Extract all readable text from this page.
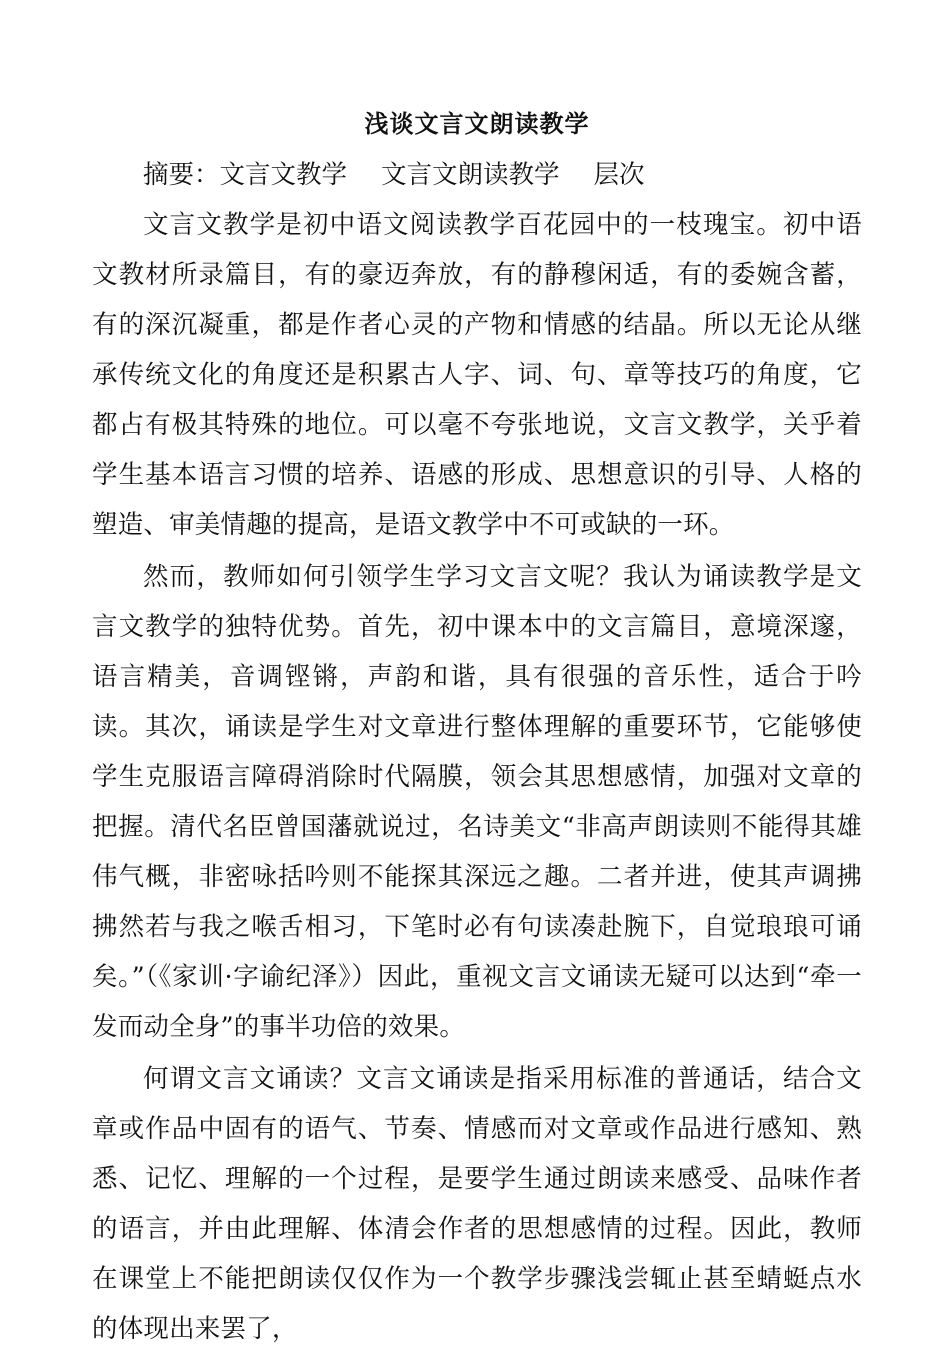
浅谈文言文朗读教学

摘要：文言文教学 文言文朗读教学 层次

文言文教学是初中语文阅读教学百花园中的一枝瑰宝。初中语文教材所录篇目，有的豪迈奔放，有的静穆闲适，有的委婉含蓄，有的深沉凝重，都是作者心灵的产物和情感的结晶。所以无论从继承传统文化的角度还是积累古人字、词、句、章等技巧的角度，它都占有极其特殊的地位。可以毫不夸张地说，文言文教学，关乎着学生基本语言习惯的培养、语感的形成、思想意识的引导、人格的塑造、审美情趣的提高，是语文教学中不可或缺的一环。

然而，教师如何引领学生学习文言文呢？我认为诵读教学是文言文教学的独特优势。首先，初中课本中的文言篇目，意境深邃，语言精美，音调铿锵，声韵和谐，具有很强的音乐性，适合于吟读。其次，诵读是学生对文章进行整体理解的重要环节，它能够使学生克服语言障碍消除时代隔膜，领会其思想感情，加强对文章的把握。清代名臣曾国藩就说过，名诗美文“非高声朗读则不能得其雄伟气概，非密咏括吟则不能探其深远之趣。二者并进，使其声调拂拂然若与我之喉舌相习，下笔时必有句读凑赴腕下，自觉琅琅可诵矣。”（《家训·字谕纪泽》）因此，重视文言文诵读无疑可以达到“牵一发而动全身”的事半功倍的效果。

何谓文言文诵读？文言文诵读是指采用标准的普通话，结合文章或作品中固有的语气、节奏、情感而对文章或作品进行感知、熟悉、记忆、理解的一个过程，是要学生通过朗读来感受、品味作者的语言，并由此理解、体清会作者的思想感情的过程。因此，教师在课堂上不能把朗读仅仅作为一个教学步骤浅尝辄止甚至蜻蜓点水的体现出来罢了，
